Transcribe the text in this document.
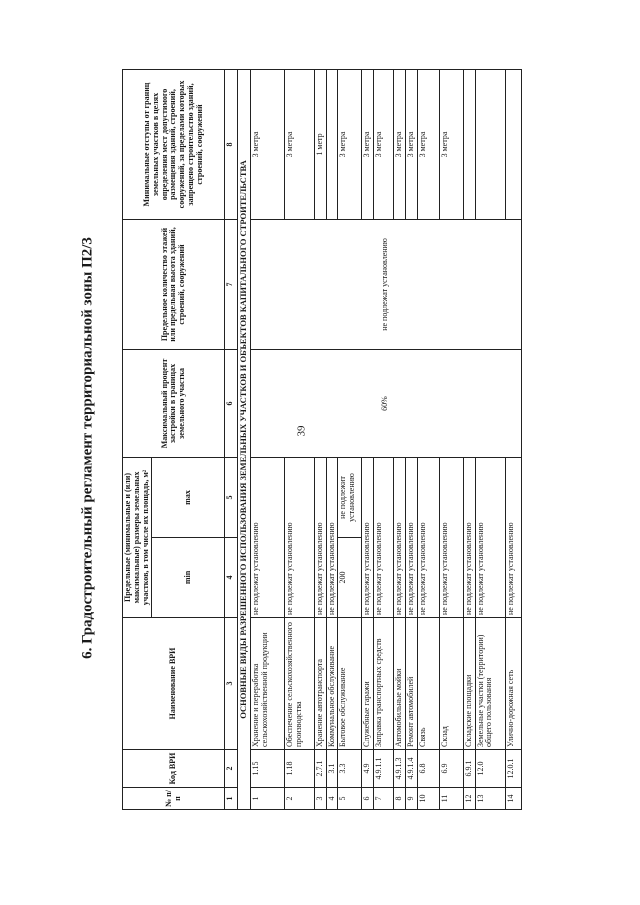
39
6. Градостроительный регламент территориальной зоны П2/3
№ п/п	Код ВРИ	Наименование ВРИ	Предельные (минимальные и (или) максимальные) размеры земельных участков, в том числе их площадь, м²		Максимальный процент застройки в границах земельного участка	Предельное количество этажей или предельная высота зданий, строений, сооружений	Минимальные отступы от границ земельных участков в целях определения мест допустимого размещения зданий, строений, сооружений, за пределами которых запрещено строительство зданий, строений, сооружений
			min	max			
1	2	3	4	5	6	7	8
ОСНОВНЫЕ ВИДЫ РАЗРЕШЕННОГО ИСПОЛЬЗОВАНИЯ ЗЕМЕЛЬНЫХ УЧАСТКОВ И ОБЪЕКТОВ КАПИТАЛЬНОГО СТРОИТЕЛЬСТВА							
1	1.15	Хранение и переработка сельскохозяйственной продукции	не подлежат установлению		60%	не подлежат установлению	3 метра
2	1.18	Обеспечение сельскохозяйственного производства	не подлежат установлению				3 метра
3	2.7.1	Хранение автотранспорта	не подлежат установлению				1 метр
4	3.1	Коммунальное обслуживание	не подлежат установлению				
5	3.3	Бытовое обслуживание	200	не подлежит установлению			3 метра
6	4.9	Служебные гаражи	не подлежат установлению				3 метра
7	4.9.1.1	Заправка транспортных средств	не подлежат установлению				3 метра
8	4.9.1.3	Автомобильные мойки	не подлежат установлению				3 метра
9	4.9.1.4	Ремонт автомобилей	не подлежат установлению				3 метра
10	6.8	Связь	не подлежат установлению				3 метра
11	6.9	Склад	не подлежат установлению				3 метра
12	6.9.1	Складские площадки	не подлежат установлению				
13	12.0	Земельные участки (территории) общего пользования	не подлежат установлению				
14	12.0.1	Улично-дорожная сеть	не подлежат установлению				
